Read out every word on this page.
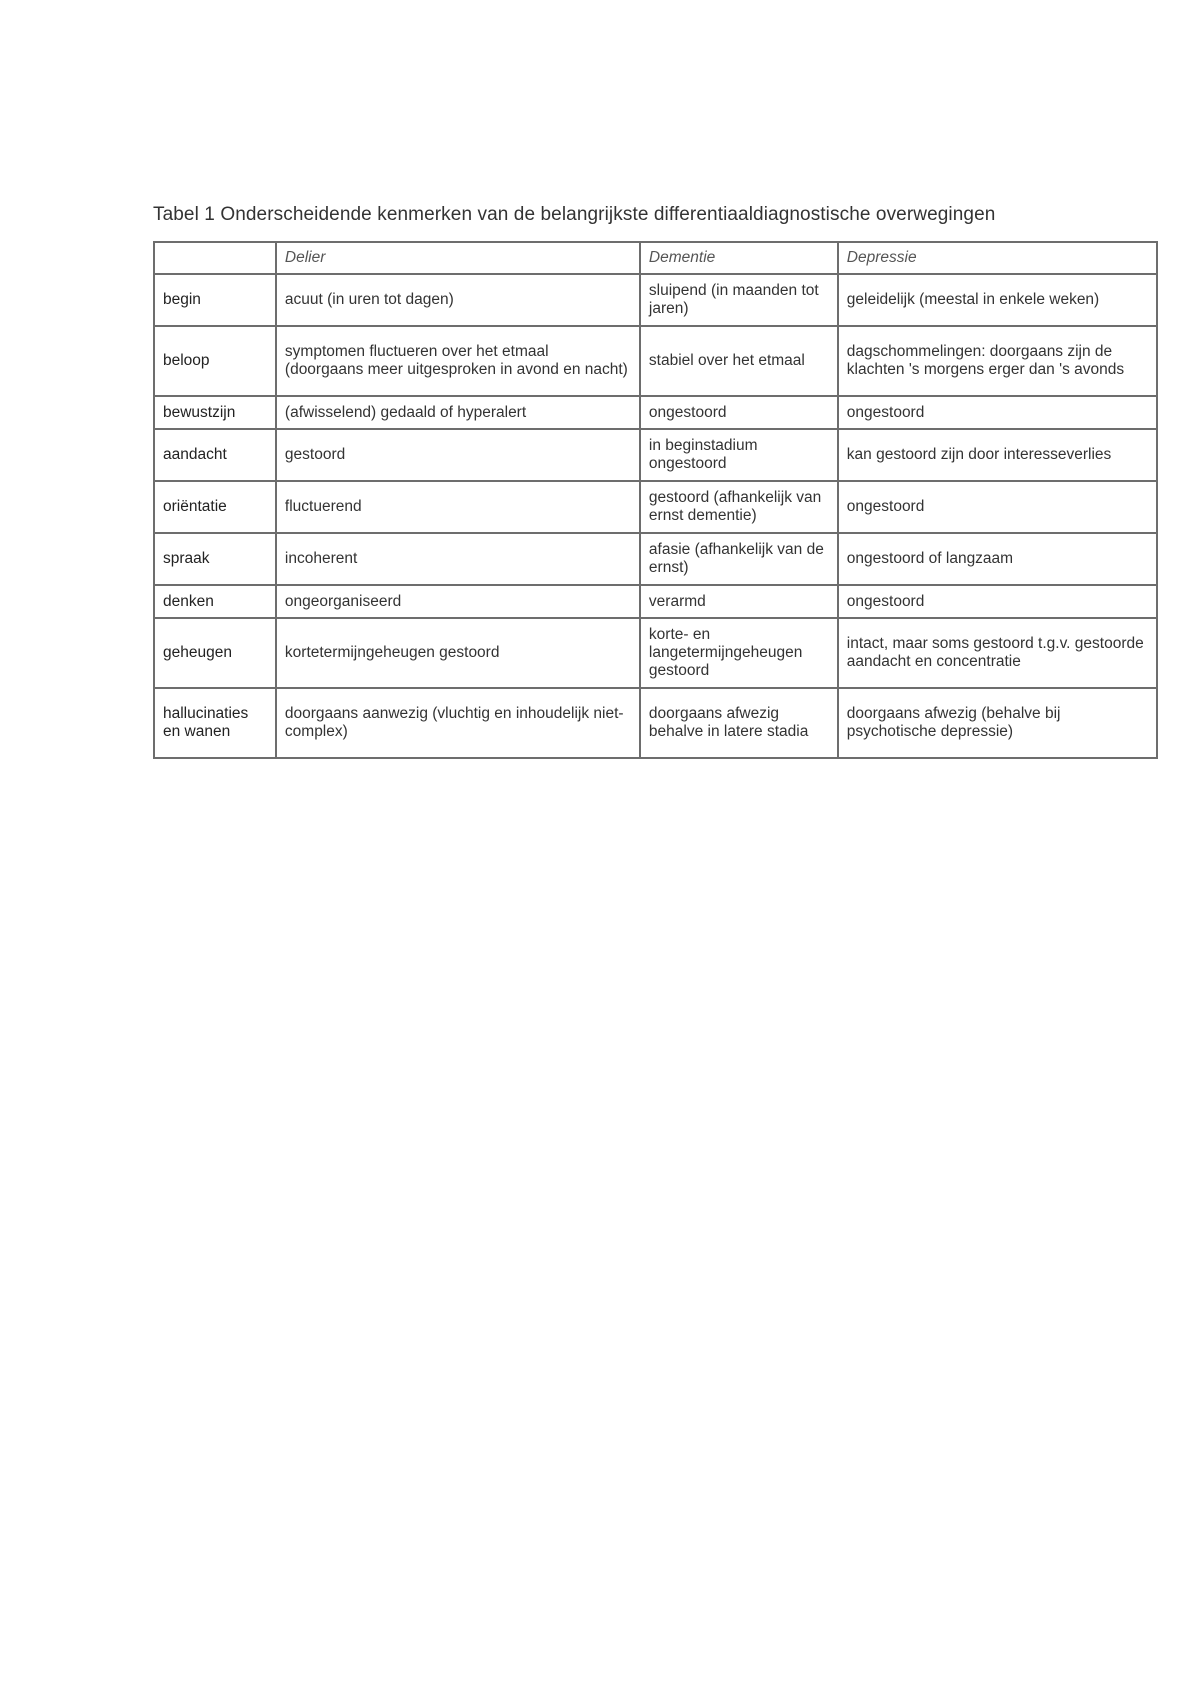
Tabel 1 Onderscheidende kenmerken van de belangrijkste differentiaaldiagnostische overwegingen
	Delier	Dementie	Depressie
begin	acuut (in uren tot dagen)	sluipend (in maanden tot jaren)	geleidelijk (meestal in enkele weken)
beloop	symptomen fluctueren over het etmaal (doorgaans meer uitgesproken in avond en nacht)	stabiel over het etmaal	dagschommelingen: doorgaans zijn de klachten 's morgens erger dan 's avonds
bewustzijn	(afwisselend) gedaald of hyperalert	ongestoord	ongestoord
aandacht	gestoord	in beginstadium ongestoord	kan gestoord zijn door interesseverlies
oriëntatie	fluctuerend	gestoord (afhankelijk van ernst dementie)	ongestoord
spraak	incoherent	afasie (afhankelijk van de ernst)	ongestoord of langzaam
denken	ongeorganiseerd	verarmd	ongestoord
geheugen	kortetermijngeheugen gestoord	korte- en langetermijngeheugen gestoord	intact, maar soms gestoord t.g.v. gestoorde aandacht en concentratie
hallucinaties en wanen	doorgaans aanwezig (vluchtig en inhoudelijk niet-complex)	doorgaans afwezig behalve in latere stadia	doorgaans afwezig (behalve bij psychotische depressie)
